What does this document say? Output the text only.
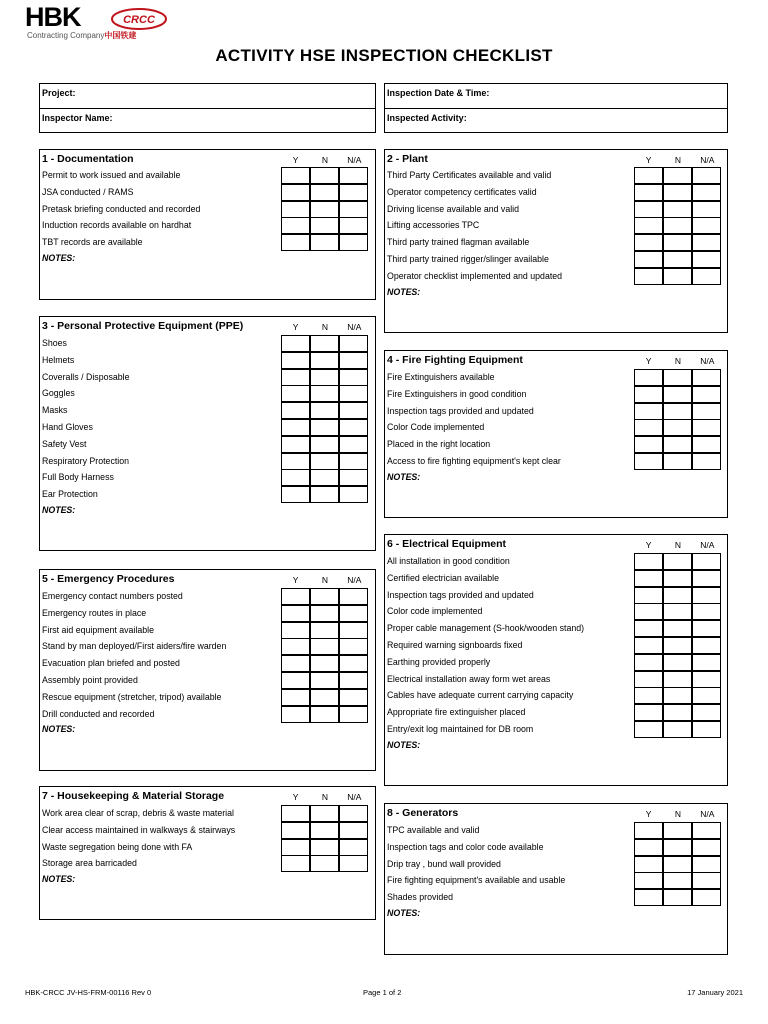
HBK	CRCC
Contracting Company中国铁建
ACTIVITY HSE INSPECTION CHECKLIST
Project:
Inspector Name:
Inspection Date & Time:
Inspected Activity:
1 - Documentation	Y	N	N/A
Permit to work issued and available
JSA conducted / RAMS
Pretask briefing conducted and recorded
Induction records available on hardhat
TBT records are available
NOTES:
2 - Plant	Y	N	N/A
Third Party Certificates available and valid
Operator competency certificates valid
Driving license available and valid
Lifting accessories TPC
Third party trained flagman available
Third party trained rigger/slinger available
Operator checklist implemented and updated
NOTES:
3 - Personal Protective Equipment (PPE)	Y	N	N/A
Shoes
Helmets
Coveralls / Disposable
Goggles
Masks
Hand Gloves
Safety Vest
Respiratory Protection
Full Body Harness
Ear Protection
NOTES:
4 - Fire Fighting Equipment	Y	N	N/A
Fire Extinguishers available
Fire Extinguishers in good condition
Inspection tags provided and updated
Color Code implemented
Placed in the right location
Access to fire fighting equipment's kept clear
NOTES:
5 - Emergency Procedures	Y	N	N/A
Emergency contact numbers posted
Emergency routes in place
First aid equipment available
Stand by man deployed/First aiders/fire warden
Evacuation plan briefed and posted
Assembly point provided
Rescue equipment (stretcher, tripod) available
Drill conducted and recorded
NOTES:
6 - Electrical Equipment	Y	N	N/A
All installation in good condition
Certified electrician available
Inspection tags provided and updated
Color code implemented
Proper cable management (S-hook/wooden stand)
Required warning signboards fixed
Earthing provided properly
Electrical installation away form wet areas
Cables have adequate current carrying capacity
Appropriate fire extinguisher placed
Entry/exit log maintained for DB room
NOTES:
7 - Housekeeping & Material Storage	Y	N	N/A
Work area clear of scrap, debris & waste material
Clear access maintained in walkways & stairways
Waste segregation being done with FA
Storage area barricaded
NOTES:
8 - Generators	Y	N	N/A
TPC available and valid
Inspection tags and color code available
Drip tray , bund wall provided
Fire fighting equipment's available and usable
Shades provided
NOTES:
HBK-CRCC JV-HS-FRM-00116 Rev 0	Page 1 of 2	17 January 2021
